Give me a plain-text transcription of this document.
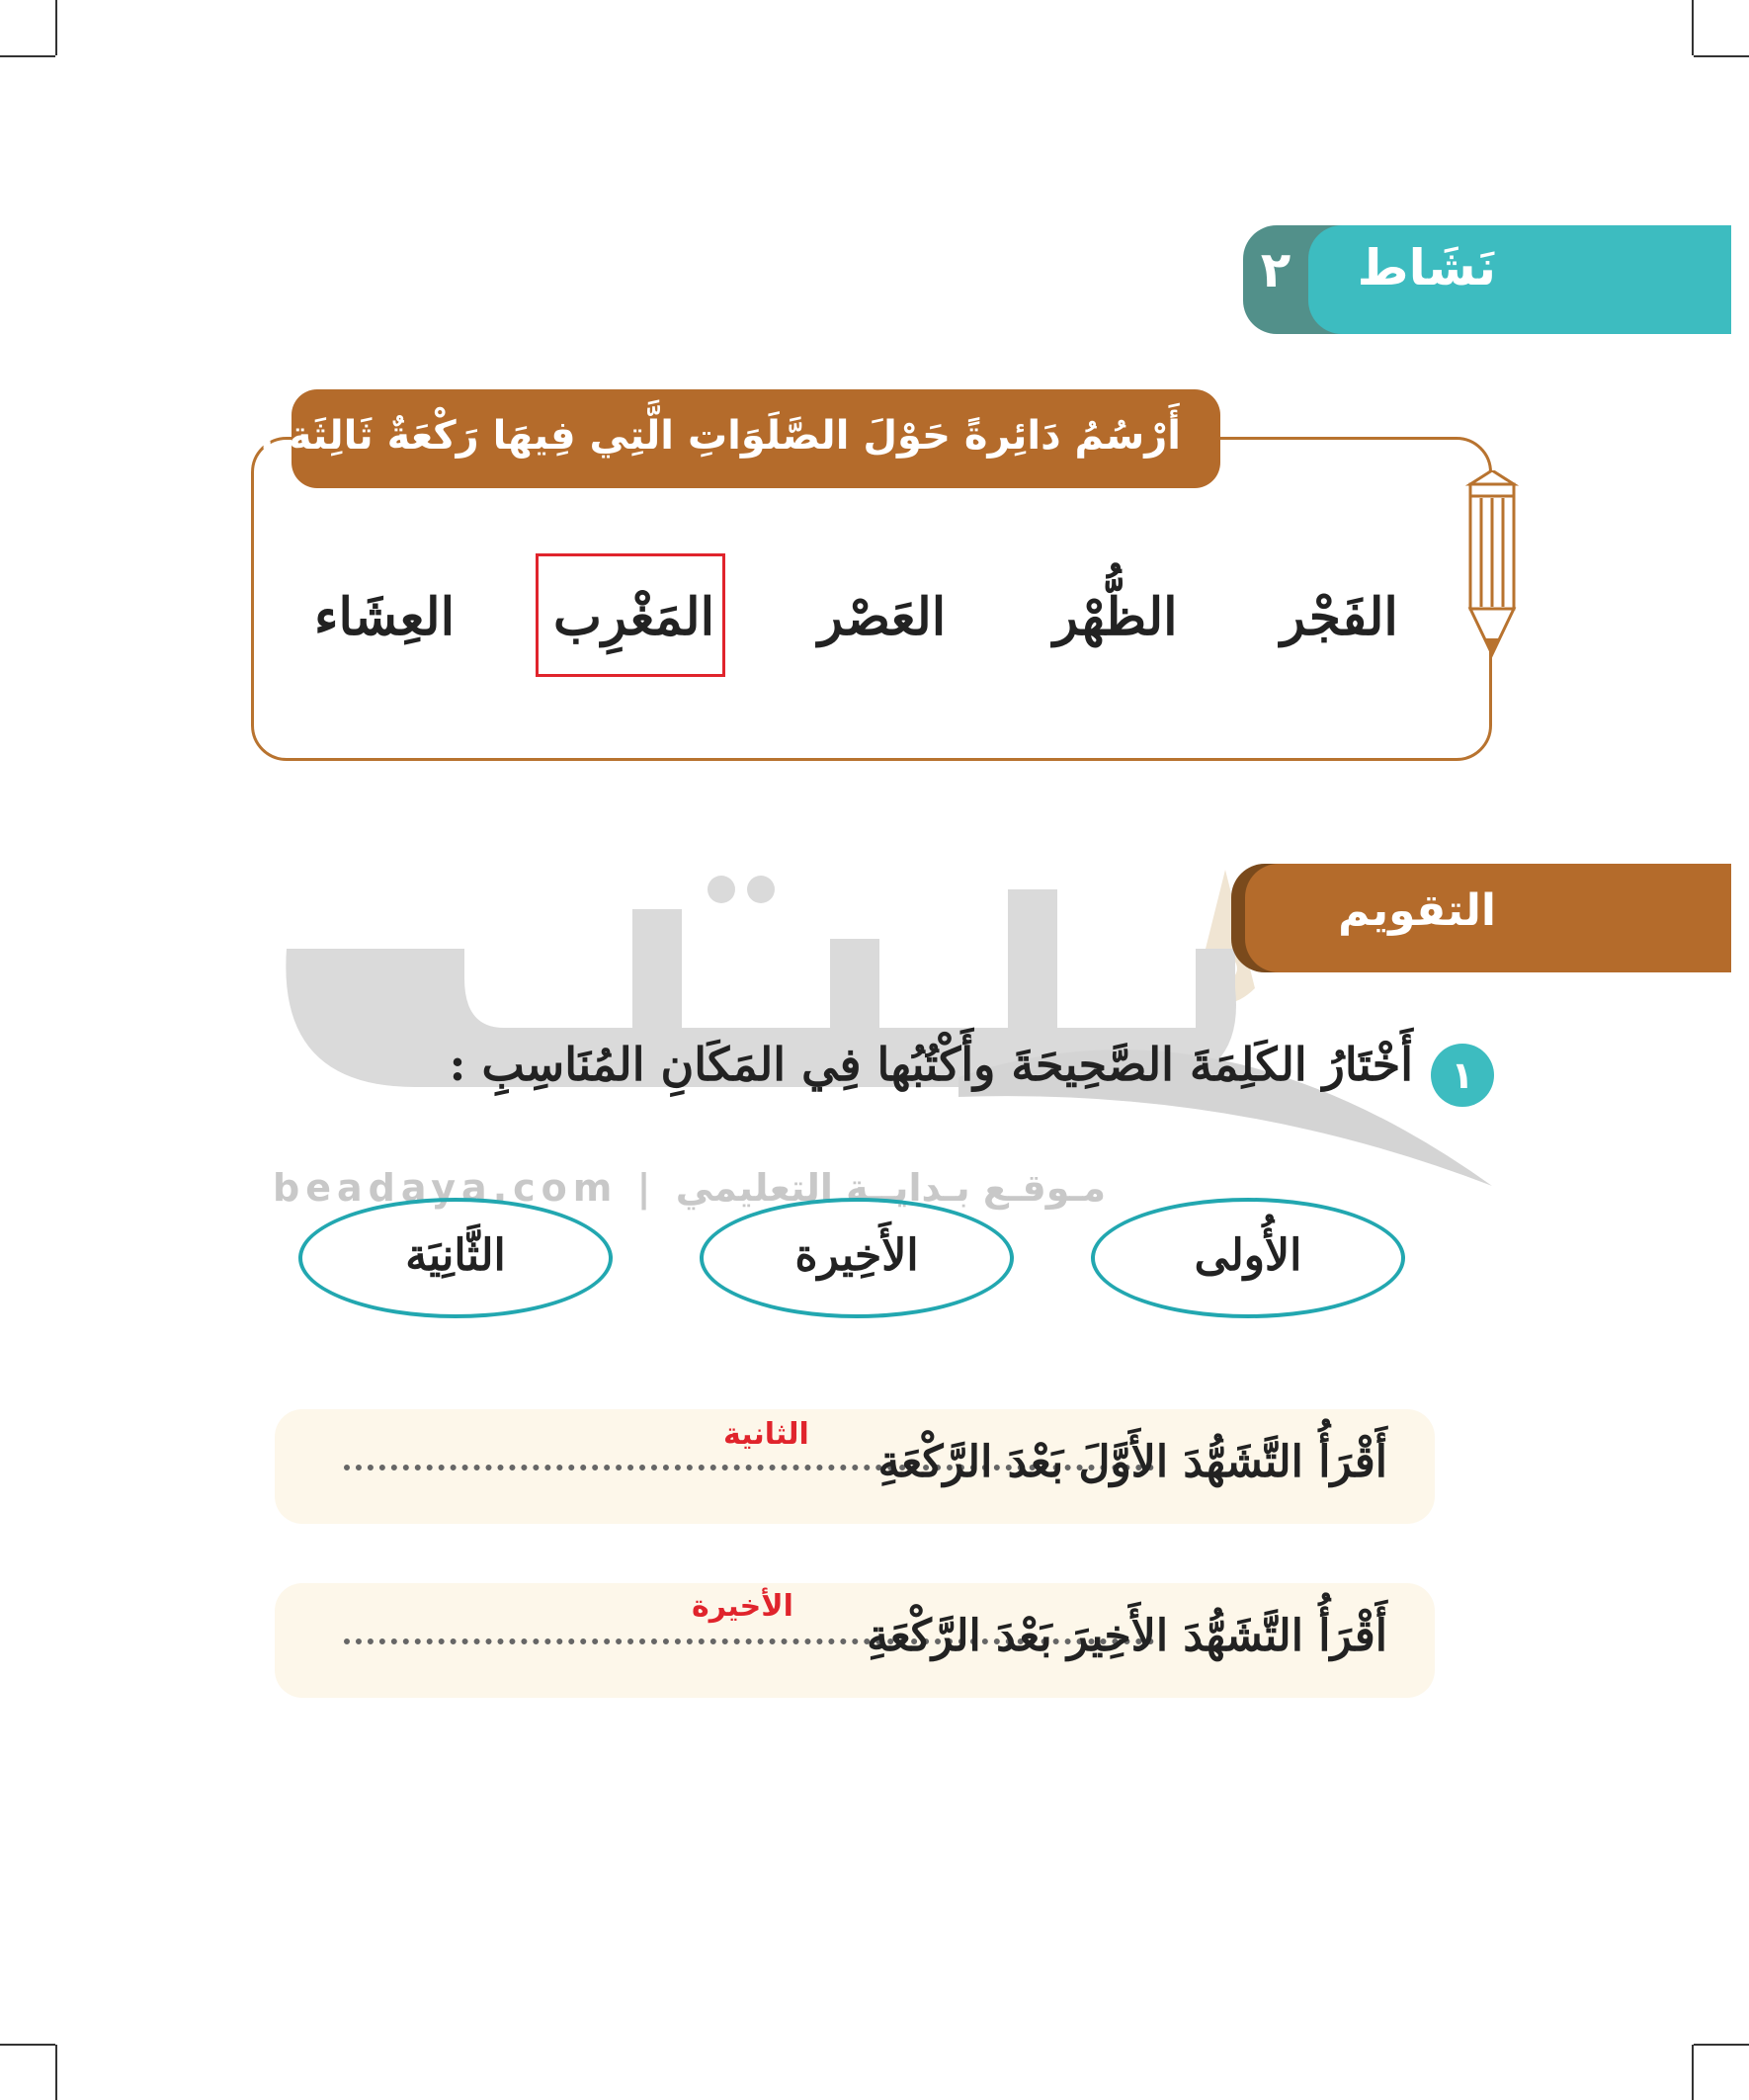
نَشَاط
٢
أَرْسُمُ دَائِرةً حَوْلَ الصَّلَوَاتِ الَّتِي فِيهَا رَكْعَةٌ ثَالِثَة :
الفَجْر
الظُّهْر
العَصْر
المَغْرِب
العِشَاء
beadaya.com | مـوقـع بـدايــة التعليمي
التقويم
١
أَخْتَارُ الكَلِمَةَ الصَّحِيحَةَ وأَكْتُبُها فِي المَكَانِ المُنَاسِبِ :
الأُولى
الأَخِيرة
الثَّانِيَة
أَقْرَأُ التَّشَهُّدَ الأَوَّلَ بَعْدَ الرَّكْعَةِ
الثانية
أَقْرَأُ التَّشَهُّدَ الأَخِيرَ بَعْدَ الرَّكْعَةِ
الأخيرة
